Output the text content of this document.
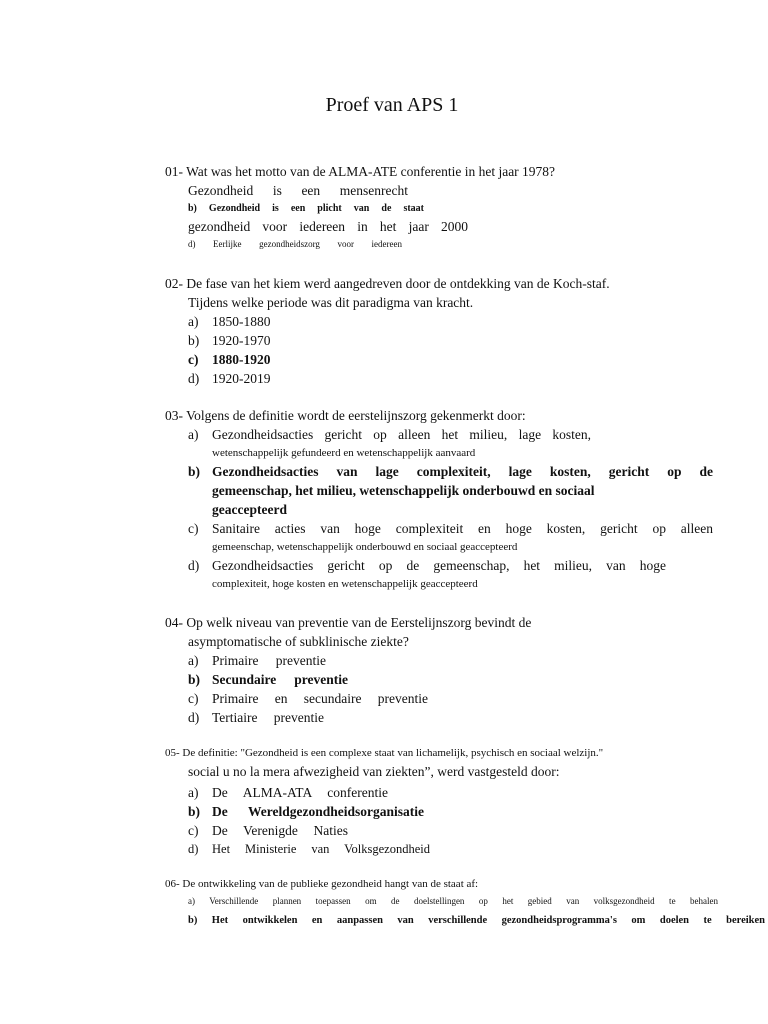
Proef van APS 1
01- Wat was het motto van de ALMA-ATE conferentie in het jaar 1978?
Gezondheid is een mensenrecht
b) Gezondheid is een plicht van de staat
gezondheid voor iedereen in het jaar 2000
d) Eerlijke gezondheidszorg voor iedereen
02- De fase van het kiem werd aangedreven door de ontdekking van de Koch-staf.
Tijdens welke periode was dit paradigma van kracht.
a)	1850-1880
b) 1920-1970
c)	1880-1920
d) 1920-2019
03- Volgens de definitie wordt de eerstelijnszorg gekenmerkt door:
a)	Gezondheidsacties gericht op alleen het milieu, lage kosten,
wetenschappelijk gefundeerd en wetenschappelijk aanvaard
b) Gezondheidsacties van lage complexiteit, lage kosten, gericht op de
gemeenschap, het milieu, wetenschappelijk onderbouwd en sociaal
geaccepteerd
c)	Sanitaire acties van hoge complexiteit en hoge kosten, gericht op alleen
gemeenschap, wetenschappelijk onderbouwd en sociaal geaccepteerd
d) Gezondheidsacties gericht op de gemeenschap, het milieu, van hoge
complexiteit, hoge kosten en wetenschappelijk geaccepteerd
04- Op welk niveau van preventie van de Eerstelijnszorg bevindt de
asymptomatische of subklinische ziekte?
a)	Primaire preventie
b) Secundaire preventie
c)	Primaire en secundaire preventie
d) Tertiaire preventie
05- De definitie: "Gezondheid is een complexe staat van lichamelijk, psychisch en sociaal welzijn."
social u no la mera afwezigheid van ziekten”, werd vastgesteld door:
a)	De ALMA-ATA conferentie
b) De Wereldgezondheidsorganisatie
c)	De Verenigde Naties
d)	Het Ministerie van Volksgezondheid
06- De ontwikkeling van de publieke gezondheid hangt van de staat af:
a) Verschillende plannen toepassen om de doelstellingen op het gebied van volksgezondheid te behalen
b) Het ontwikkelen en aanpassen van verschillende gezondheidsprogramma's om doelen te bereiken
